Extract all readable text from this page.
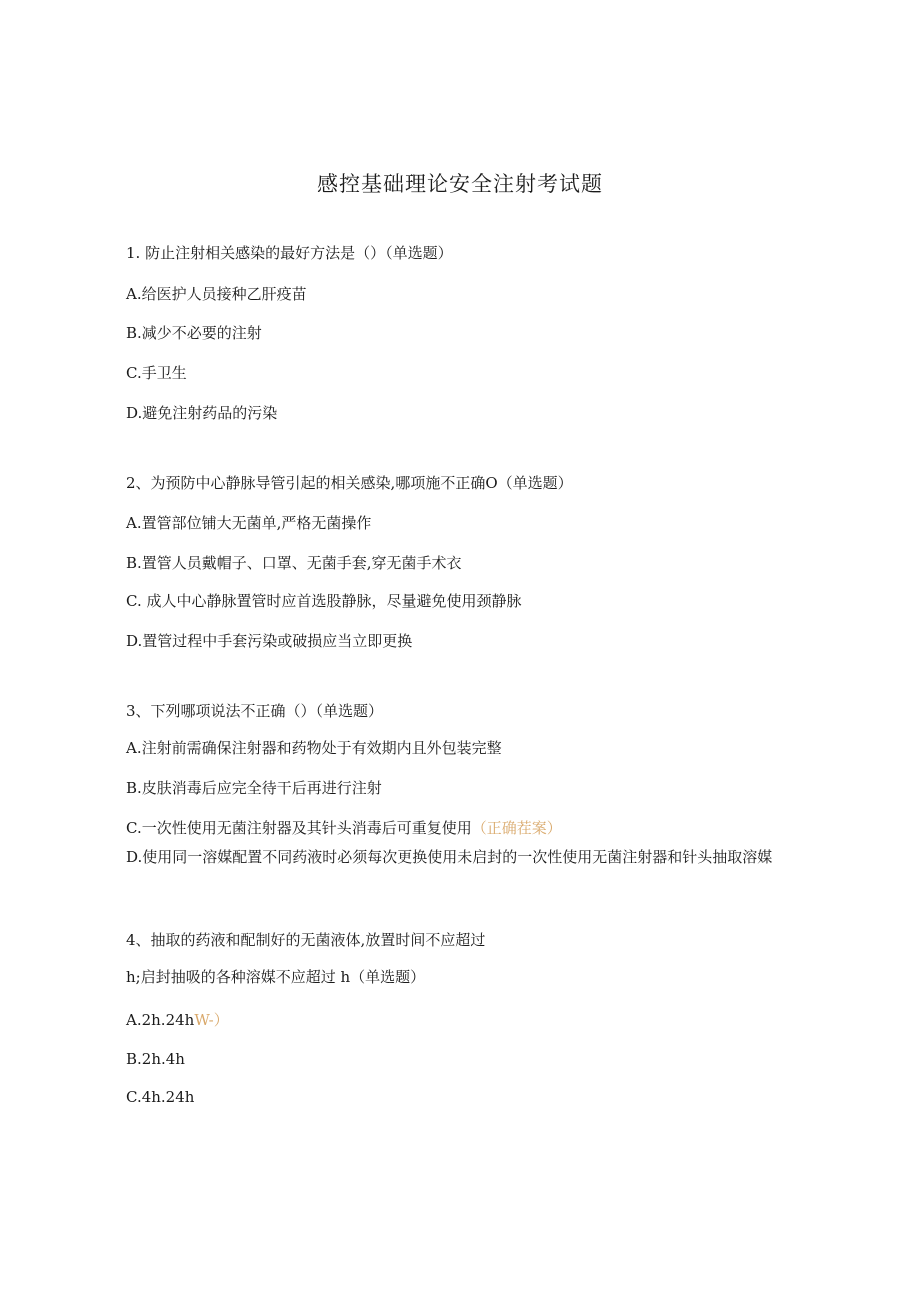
感控基础理论安全注射考试题
1. 防止注射相关感染的最好方法是（）（单选题）
A.给医护人员接种乙肝疫苗
B.减少不必要的注射
C.手卫生
D.避免注射药品的污染
2、为预防中心静脉导管引起的相关感染,哪项施不正确O（单选题）
A.置管部位铺大无菌单,严格无菌操作
B.置管人员戴帽子、口罩、无菌手套,穿无菌手术衣
C. 成人中心静脉置管时应首选股静脉，尽量避免使用颈静脉
D.置管过程中手套污染或破损应当立即更换
3、下列哪项说法不正确（）（单选题）
A.注射前需确保注射器和药物处于有效期内且外包装完整
B.皮肤消毒后应完全待干后再进行注射
C.一次性使用无菌注射器及其针头消毒后可重复使用（正确茬案）
D.使用同一溶媒配置不同药液时必须每次更换使用未启封的一次性使用无菌注射器和针头抽取溶媒
4、抽取的药液和配制好的无菌液体,放置时间不应超过
h;启封抽吸的各种溶媒不应超过 h（单选题）
A.2h.24hW-）
B.2h.4h
C.4h.24h
